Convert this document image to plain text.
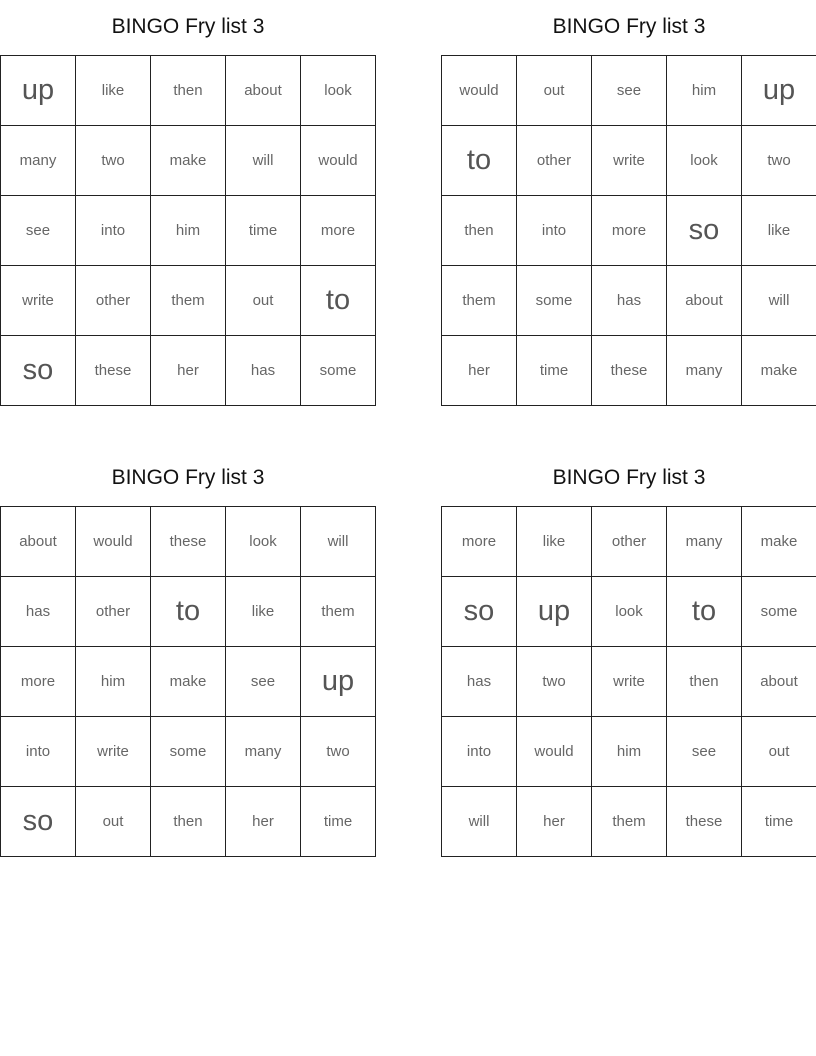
BINGO Fry list 3
up	like	then	about	look
many	two	make	will	would
see	into	him	time	more
write	other	them	out	to
so	these	her	has	some
BINGO Fry list 3
would	out	see	him	up
to	other	write	look	two
then	into	more	so	like
them	some	has	about	will
her	time	these	many	make
BINGO Fry list 3
about	would	these	look	will
has	other	to	like	them
more	him	make	see	up
into	write	some	many	two
so	out	then	her	time
BINGO Fry list 3
more	like	other	many	make
so	up	look	to	some
has	two	write	then	about
into	would	him	see	out
will	her	them	these	time
